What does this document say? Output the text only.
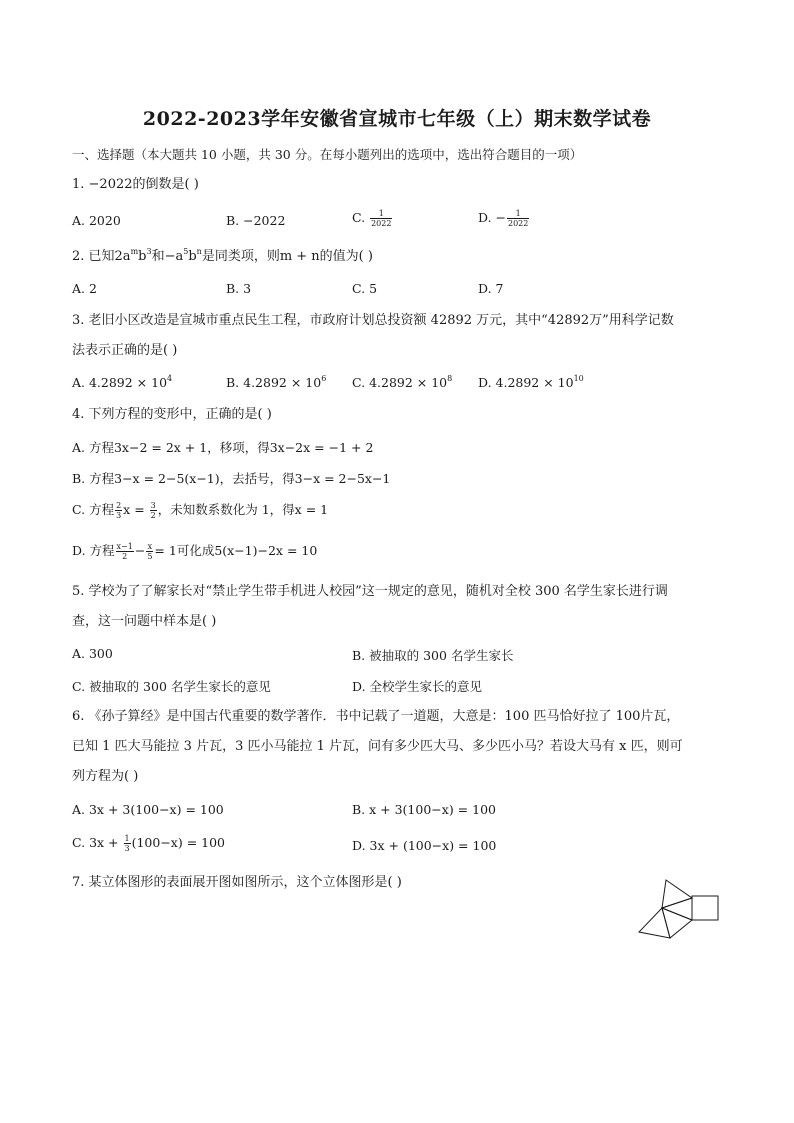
2022-2023学年安徽省宣城市七年级（上）期末数学试卷
一、选择题（本大题共 10 小题，共 30 分。在每小题列出的选项中，选出符合题目的一项）
1. −2022的倒数是( )
A. 2020	B. −2022	C. $\frac{1}{2022}$	D. − $\frac{1}{2022}$
2. 已知$2a^mb^3$和$-a^5b^n$是同类项，则m + n的值为( )
A. 2	B. 3	C. 5	D. 7
3. 老旧小区改造是宣城市重点民生工程，市政府计划总投资额 42892 万元，其中“42892万”用科学记数
法表示正确的是( )
A. $4.2892 \times 10^4$	B. $4.2892 \times 10^6$ C. $4.2892 \times 10^8$ D. $4.2892 \times 10^{10}$
4. 下列方程的变形中，正确的是( )
A. 方程3x−2 = 2x + 1，移项，得3x−2x = −1 + 2
B. 方程3−x = 2−5(x−1)，去括号，得3−x = 2−5x−1
C. 方程 $\frac{2}{3}$ $x = \frac{3}{2}$ ，未知数系数化为 1，得x = 1
D. 方程 $\frac{x-1}{2} - \frac{x}{5} = 1$可化成5(x−1)−2x = 10
5. 学校为了了解家长对“禁止学生带手机进人校园”这一规定的意见，随机对全校 300 名学生家长进行调
查，这一问题中样本是( )
A. 300	B. 被抽取的 300 名学生家长
C. 被抽取的 300 名学生家长的意见	D. 全校学生家长的意见
6. 《孙子算经》是中国古代重要的数学著作．书中记载了一道题，大意是：100 匹马恰好拉了 100片瓦，
已知 1 匹大马能拉 3 片瓦，3 匹小马能拉 1 片瓦，问有多少匹大马、多少匹小马？若设大马有 x 匹，则可
列方程为( )
A. 3x + 3(100−x) = 100	B. x + 3(100−x) = 100
C. $3x + \frac{1}{3} (100-x) = 100$	D. 3x + (100−x) = 100
7. 某立体图形的表面展开图如图所示，这个立体图形是( )
